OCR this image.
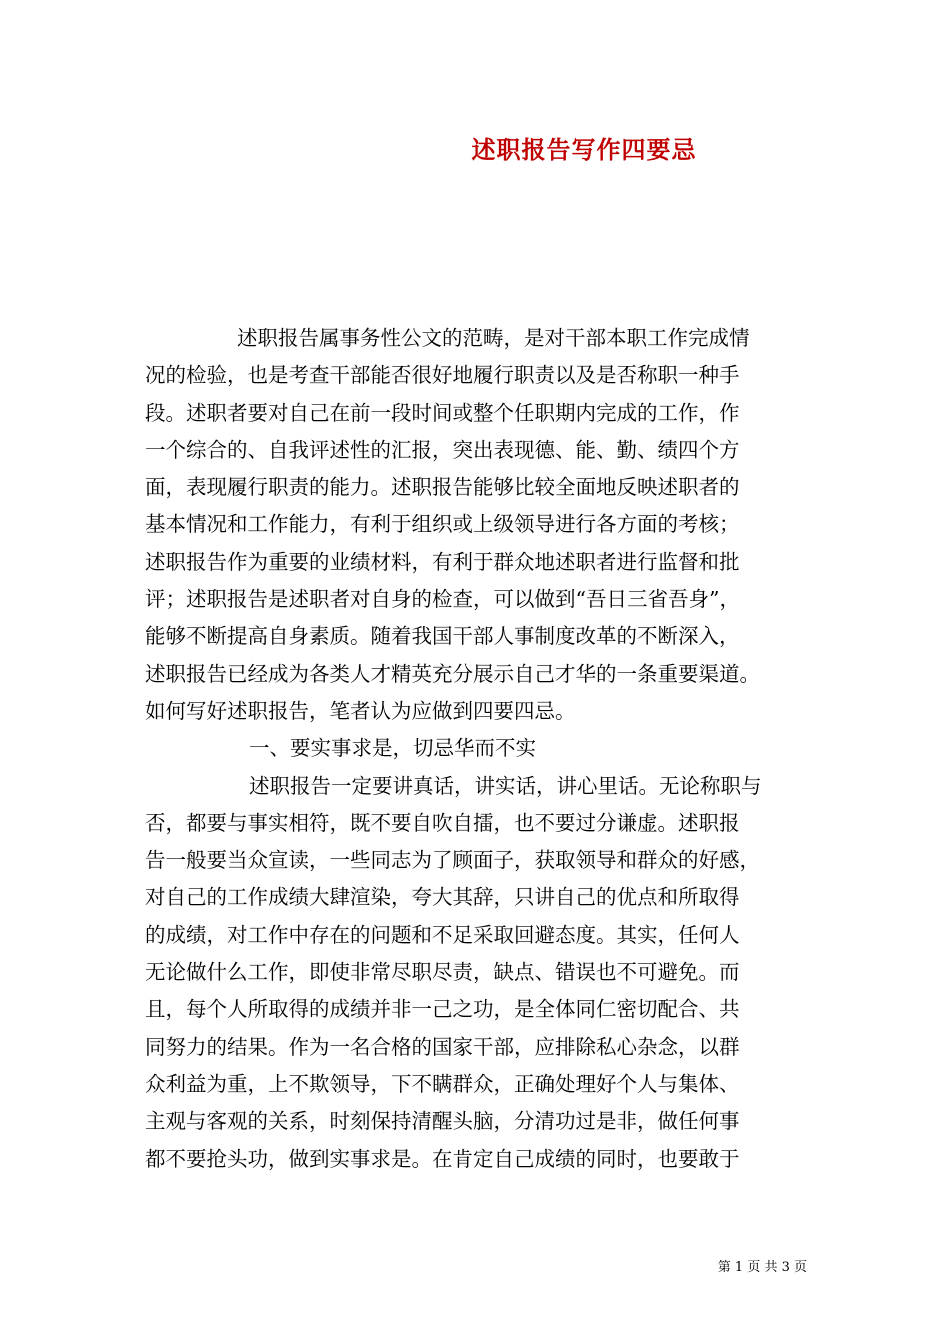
述职报告写作四要忌
述职报告属事务性公文的范畴，是对干部本职工作完成情
况的检验，也是考查干部能否很好地履行职责以及是否称职一种手
段。述职者要对自己在前一段时间或整个任职期内完成的工作，作
一个综合的、自我评述性的汇报，突出表现德、能、勤、绩四个方
面，表现履行职责的能力。述职报告能够比较全面地反映述职者的
基本情况和工作能力，有利于组织或上级领导进行各方面的考核；
述职报告作为重要的业绩材料，有利于群众地述职者进行监督和批
评；述职报告是述职者对自身的检查，可以做到“吾日三省吾身”，
能够不断提高自身素质。随着我国干部人事制度改革的不断深入，
述职报告已经成为各类人才精英充分展示自己才华的一条重要渠道。
如何写好述职报告，笔者认为应做到四要四忌。
一、要实事求是，切忌华而不实
述职报告一定要讲真话，讲实话，讲心里话。无论称职与
否，都要与事实相符，既不要自吹自擂，也不要过分谦虚。述职报
告一般要当众宣读，一些同志为了顾面子，获取领导和群众的好感，
对自己的工作成绩大肆渲染，夸大其辞，只讲自己的优点和所取得
的成绩，对工作中存在的问题和不足采取回避态度。其实，任何人
无论做什么工作，即使非常尽职尽责，缺点、错误也不可避免。而
且，每个人所取得的成绩并非一己之功，是全体同仁密切配合、共
同努力的结果。作为一名合格的国家干部，应排除私心杂念，以群
众利益为重，上不欺领导，下不瞒群众，正确处理好个人与集体、
主观与客观的关系，时刻保持清醒头脑，分清功过是非，做任何事
都不要抢头功，做到实事求是。在肯定自己成绩的同时，也要敢于
第 1 页 共 3 页
